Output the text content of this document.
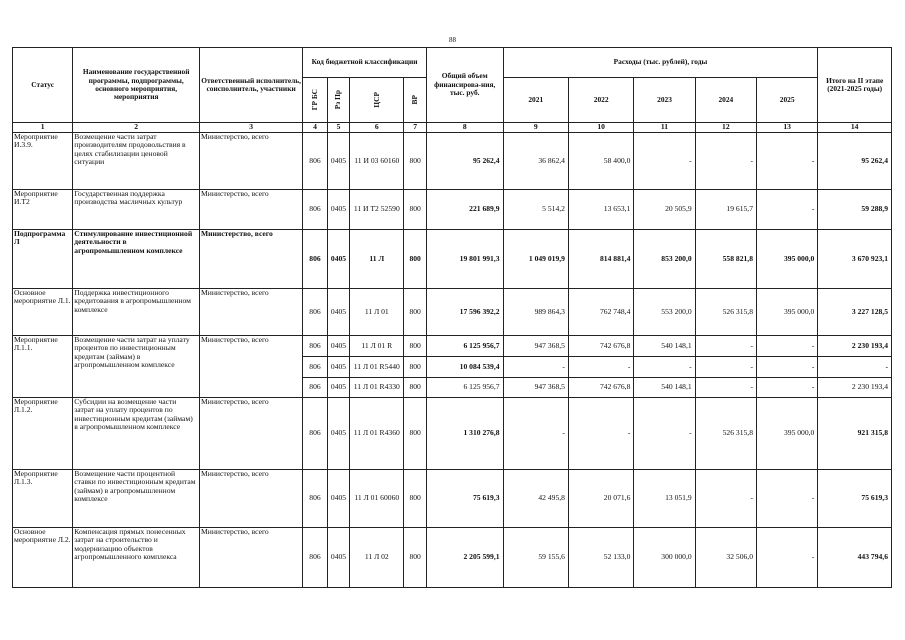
88
Статус	Наименование государственной программы, подпрограммы, основного мероприятия, мероприятия	Ответственный исполнитель, соисполнитель, участники	Код бюджетной классификации				Общий объем финансирова-ния, тыс. руб.	Расходы (тыс. рублей), годы					Итого на II этапе (2021-2025 годы)

			ГР БС	Рз Пр	ЦСР	ВР		2021	2022	2023	2024	2025	
1	2	3	4	5	6	7	8	9	10	11	12	13	14
Мероприятие И.3.9.	Возмещение части затрат производителям продовольствия в целях стабилизации ценовой ситуации	Министерство, всего	806	0405	11 И 03 60160	800	95 262,4	36 862,4	58 400,0	-	-	-	95 262,4
Мероприятие И.Т2	Государственная поддержка производства масличных культур	Министерство, всего	806	0405	11 И Т2 52590	800	221 689,9	5 514,2	13 653,1	20 505,9	19 615,7	-	59 288,9
Подпрограмма Л	Стимулирование инвестиционной деятельности в агропромышленном комплексе	Министерство, всего	806	0405	11 Л	800	19 801 991,3	1 049 019,9	814 881,4	853 200,0	558 821,8	395 000,0	3 670 923,1
Основное мероприятие Л.1.	Поддержка инвестиционного кредитования в агропромышленном комплексе	Министерство, всего	806	0405	11 Л 01	800	17 596 392,2	989 864,3	762 748,4	553 200,0	526 315,8	395 000,0	3 227 128,5
Мероприятие Л.1.1.	Возмещение части затрат на уплату процентов по инвестиционным кредитам (займам) в агропромышленном комплексе	Министерство, всего	806	0405	11 Л 01 R	800	6 125 956,7	947 368,5	742 676,8	540 148,1	-	-	2 230 193,4
			806	0405	11 Л 01 R5440	800	10 084 539,4	-	-	-	-	-	-
			806	0405	11 Л 01 R4330	800	6 125 956,7	947 368,5	742 676,8	540 148,1	-	-	2 230 193,4
Мероприятие Л.1.2.	Субсидии на возмещение части затрат на уплату процентов по инвестиционным кредитам (займам) в агропромышленном комплексе	Министерство, всего	806	0405	11 Л 01 R4360	800	1 310 276,8	-	-	-	526 315,8	395 000,0	921 315,8
Мероприятие Л.1.3.	Возмещение части процентной ставки по инвестиционным кредитам (займам) в агропромышленном комплексе	Министерство, всего	806	0405	11 Л 01 60060	800	75 619,3	42 495,8	20 071,6	13 051,9	-	-	75 619,3
Основное мероприятие Л.2.	Компенсация прямых понесенных затрат на строительство и модернизацию объектов агропромышленного комплекса	Министерство, всего	806	0405	11 Л 02	800	2 205 599,1	59 155,6	52 133,0	300 000,0	32 506,0	-	443 794,6
